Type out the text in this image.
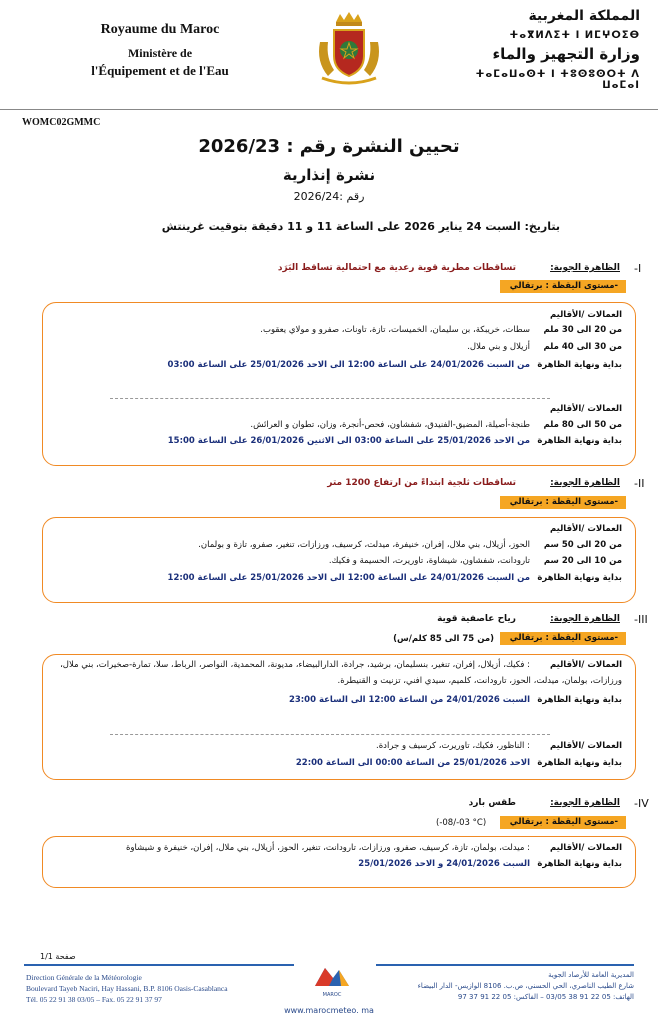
Royaume du Maroc
Ministère de
l'Équipement et de l'Eau
المملكة المغربية
ⵜⴰⴳⵍⴷⵉⵜ ⵏ ⵍⵎⵖⵔⵉⴱ
وزارة التجهيز والماء
ⵜⴰⵎⴰⵡⴰⵙⵜ ⵏ ⵜⵓⵙⵓⵙⵔⵜ ⴷ ⵡⴰⵎⴰⵏ
WOMC02GMMC
تحيين النشرة رقم : 2026/23
نشرة إنذارية
رقم :2026/24
بتاريخ: السبت 24 يناير 2026 على الساعة 11 و 11 دقيقة بتوقيت غرينتش
-I
الظاهرة الجوية:
تساقطات مطرية قوية رعدية مع احتمالية تساقط البَرَد
-مستوى اليقظة : برتقالي
العمالات /الأقاليم
من 20 الى 30 ملمسطات، خريبكة، بن سليمان، الخميسات، تازة، تاونات، صفرو و مولاي يعقوب.
من 30 الى 40 ملمأزيلال و بني ملال.
بداية ونهاية الظاهرةمن السبت 24/01/2026 على الساعة 12:00 الى الاحد 25/01/2026 على الساعة 03:00
العمالات /الأقاليم
من 50 الى 80 ملمطنجة-أصيلة، المضيق-الفنيدق، شفشاون، فحص-أنجرة، وزان، تطوان و العرائش.
بداية ونهاية الظاهرةمن الاحد 25/01/2026 على الساعة 03:00 الى الاثنين 26/01/2026 على الساعة 15:00
-II
الظاهرة الجوية:
تساقطات ثلجية ابتداءً من ارتفاع 1200 متر
-مستوى اليقظة : برتقالي
العمالات /الأقاليم
من 20 الى 50 سمالحوز، أزيلال، بني ملال، إفران، خنيفرة، ميدلت، كرسيف، ورزازات، تنغير، صفرو، تازة و بولمان.
من 10 الى 20 سمتارودانت، شفشاون، شيشاوة، تاوريرت، الحسيمة و فكيك.
بداية ونهاية الظاهرةمن السبت 24/01/2026 على الساعة 12:00 الى الاحد 25/01/2026 على الساعة 12:00
-III
الظاهرة الجوية:
رياح عاصفية قوية
-مستوى اليقظة : برتقالي
(من 75 الى 85 كلم/س)
العمالات /الأقاليم: فكيك، أزيلال، إفران، تنغير، بنسليمان، برشيد، جرادة، الدارالبيضاء، مديونة، المحمدية، النواصر، الرباط، سلا، تمارة-صخيرات، بني ملال،
ورزازات، بولمان، ميدلت، الحوز، تارودانت، كلميم، سيدي افني، تزنيت و القنيطرة.
بداية ونهاية الظاهرةالسبت 24/01/2026 من الساعة 12:00 الى الساعة 23:00
العمالات /الأقاليم: الناظور، فكيك، تاوريرت، كرسيف و جرادة.
بداية ونهاية الظاهرةالاحد 25/01/2026 من الساعة 00:00 الى الساعة 22:00
-IV
الظاهرة الجوية:
طقس بارد
-مستوى اليقظة : برتقالي
(-08/-03 °C)
العمالات /الأقاليم: ميدلت، بولمان، تازة، كرسيف، صفرو، ورزازات، تارودانت، تنغير، الحوز، أزيلال، بني ملال، إفران، خنيفرة و شيشاوة
بداية ونهاية الظاهرةالسبت 24/01/2026 و الاحد 25/01/2026
صفحة 1/1
MAROC
Direction Générale de la Météorologie
Boulevard Tayeb Naciri, Hay Hassani, B.P. 8106 Oasis-Casablanca
Tél. 05 22 91 38 03/05 – Fax. 05 22 91 37 97
المديرية العامة للأرصاد الجوية
شارع الطيب الناصري، الحي الحسني، ص.ب. 8106 الوازيس- الدار البيضاء
الهاتف: 05 22 91 38 03/05 – الفاكس: 05 22 91 37 97
www.marocmeteo. ma
